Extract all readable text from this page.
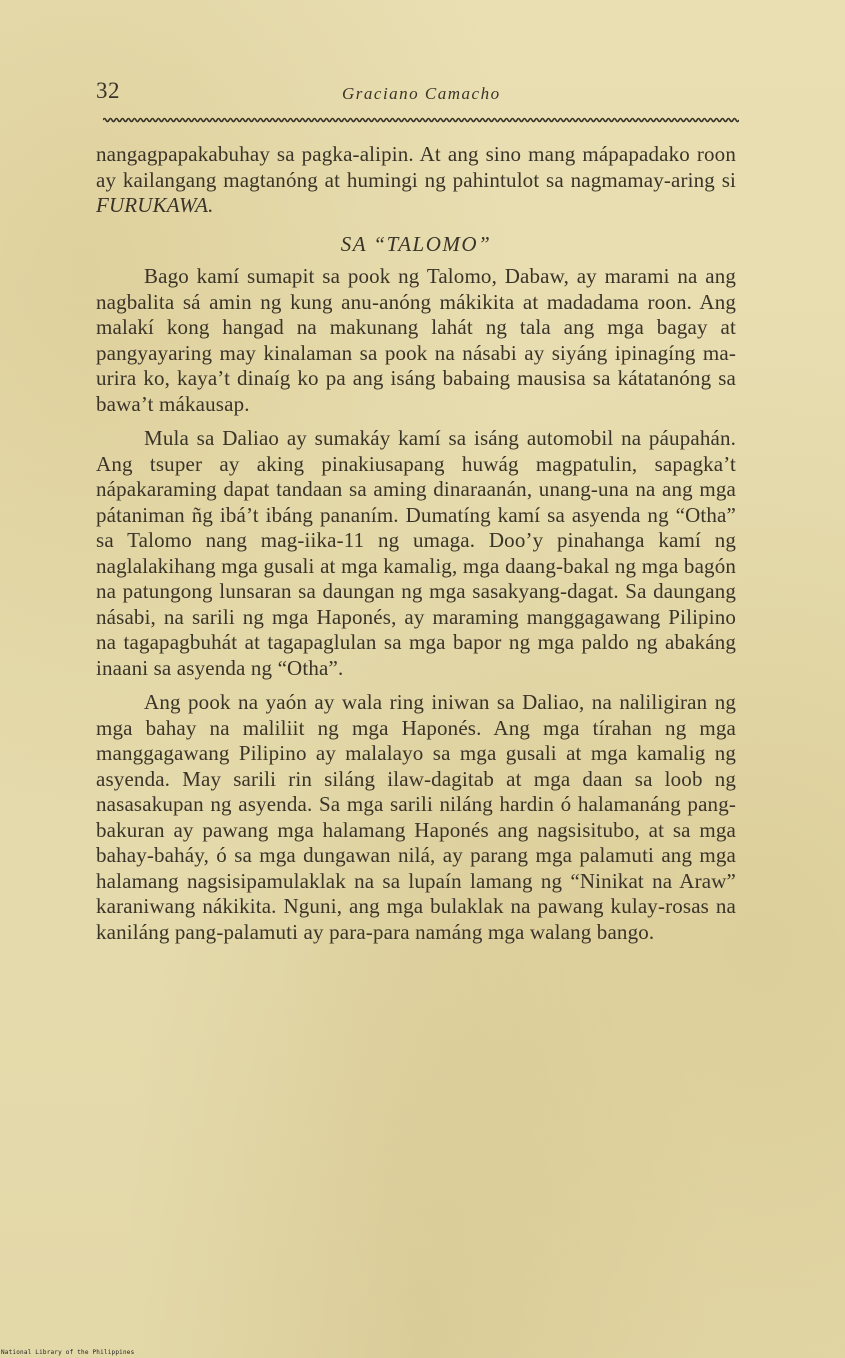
32	Graciano Camacho

nangagpapakabuhay sa pagka-alipin. At ang sino mang mápapadako roon ay kailangang magtanóng at humingi ng pahintulot sa nagmamay-aring si FURUKAWA.

SA “TALOMO”

Bago kamí sumapit sa pook ng Talomo, Dabaw, ay marami na ang nagbalita sá amin ng kung anu-anóng mákikita at madadama roon. Ang malakí kong hangad na makunang lahát ng tala ang mga bagay at pangyayaring may kinalaman sa pook na násabi ay siyáng ipinagíng ma-urira ko, kaya’t dinaíg ko pa ang isáng babaing mausisa sa kátatanóng sa bawa’t mákausap.

Mula sa Daliao ay sumakáy kamí sa isáng automobil na páupahán. Ang tsuper ay aking pinakiusapang huwág magpatulin, sapagka’t nápakaraming dapat tandaan sa aming dinaraanán, unang-una na ang mga pátaniman ñg ibá’t ibáng pananím. Dumatíng kamí sa asyenda ng “Otha” sa Talomo nang mag-iika-11 ng umaga. Doo’y pinahanga kamí ng naglalakihang mga gusali at mga kamalig, mga daang-bakal ng mga bagón na patungong lunsaran sa daungan ng mga sasakyang-dagat. Sa daungang násabi, na sarili ng mga Haponés, ay maraming manggagawang Pilipino na tagapagbuhát at tagapaglulan sa mga bapor ng mga paldo ng abakáng inaani sa asyenda ng “Otha”.

Ang pook na yaón ay wala ring iniwan sa Daliao, na naliligiran ng mga bahay na maliliit ng mga Haponés. Ang mga tírahan ng mga manggagawang Pilipino ay malalayo sa mga gusali at mga kamalig ng asyenda. May sarili rin siláng ilaw-dagitab at mga daan sa loob ng nasasakupan ng asyenda. Sa mga sarili niláng hardin ó halamanáng pang-bakuran ay pawang mga halamang Haponés ang nagsisitubo, at sa mga bahay-baháy, ó sa mga dungawan nilá, ay parang mga palamuti ang mga halamang nagsisipamulaklak na sa lupaín lamang ng “Ninikat na Araw” karaniwang nákikita. Nguni, ang mga bulaklak na pawang kulay-rosas na kaniláng pang-palamuti ay para-para namáng mga walang bango.

National Library of the Philippines
